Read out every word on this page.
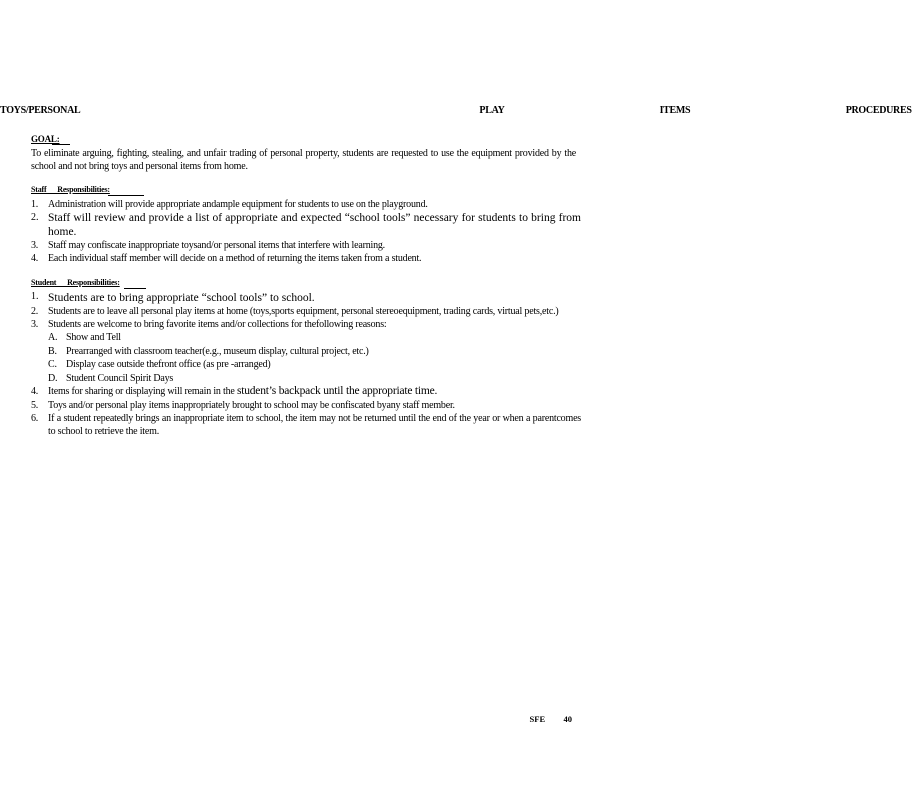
TOYS/PERSONAL                  PLAY       ITEMS       PROCEDURES
GOAL:
To eliminate arguing, fighting, stealing, and unfair trading of personal property, students are requested to use the equipment provided by the school and not bring toys and personal items from home.
Staff      Responsibilities:
1. Administration will provide appropriate andample equipment for students to use on the playground.
2. Staff will review and provide a list of appropriate and expected “school tools” necessary for students to bring from home.
3. Staff may confiscate inappropriate toysand/or personal items that interfere with learning.
4. Each individual staff member will decide on a method of returning the items taken from a student.
Student      Responsibilities:
1. Students are to bring appropriate “school tools” to school.
2. Students are to leave all personal play items at home (toys,sports equipment, personal stereoequipment, trading cards, virtual pets,etc.)
3. Students are welcome to bring favorite items and/or collections for thefollowing reasons:
A. Show and Tell
B. Prearranged with classroom teacher(e.g., museum display, cultural project, etc.)
C. Display case outside thefront office (as pre -arranged)
D. Student Council Spirit Days
4. Items for sharing or displaying will remain in the student’s backpack until the appropriate time.
5. Toys and/or personal play items inappropriately brought to school may be confiscated byany staff member.
6. If a student repeatedly brings an inappropriate item to school, the item may not be returned until the end of the year or when a parentcomes to school to retrieve the item.
SFE   40
